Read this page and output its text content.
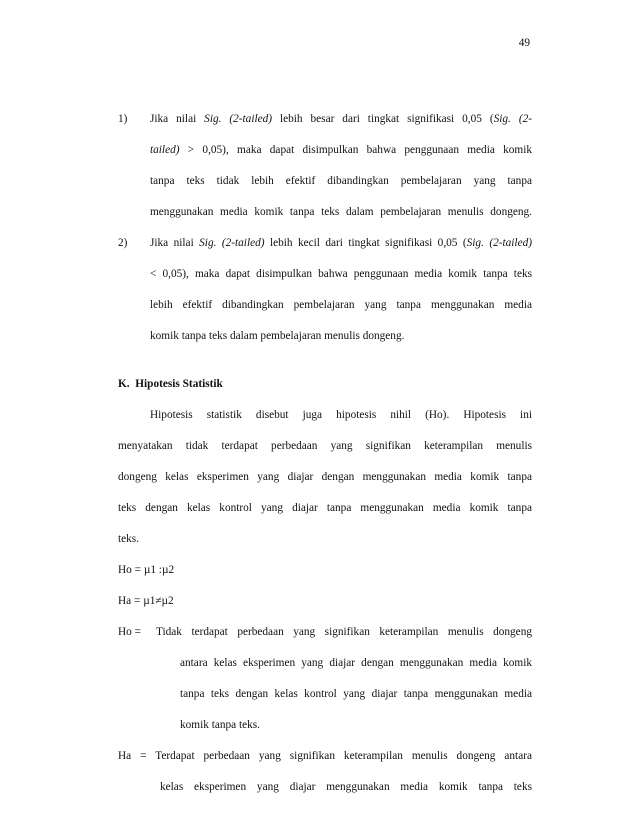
49
1) Jika nilai Sig. (2-tailed) lebih besar dari tingkat signifikasi 0,05 (Sig. (2-
tailed) > 0,05), maka dapat disimpulkan bahwa penggunaan media komik
tanpa teks tidak lebih efektif dibandingkan pembelajaran yang tanpa
menggunakan media komik tanpa teks dalam pembelajaran menulis dongeng.
2) Jika nilai Sig. (2-tailed) lebih kecil dari tingkat signifikasi 0,05 (Sig. (2-tailed)
< 0,05), maka dapat disimpulkan bahwa penggunaan media komik tanpa teks
lebih efektif dibandingkan pembelajaran yang tanpa menggunakan media
komik tanpa teks dalam pembelajaran menulis dongeng.
K.  Hipotesis Statistik
Hipotesis statistik disebut juga hipotesis nihil (Ho). Hipotesis ini
menyatakan tidak terdapat perbedaan yang signifikan keterampilan menulis
dongeng kelas eksperimen yang diajar dengan menggunakan media komik tanpa
teks dengan kelas kontrol yang diajar tanpa menggunakan media komik tanpa
teks.
Ho = µ1 :µ2
Ha = µ1≠µ2
Ho = Tidak terdapat perbedaan yang signifikan keterampilan menulis dongeng
antara kelas eksperimen yang diajar dengan menggunakan media komik
tanpa teks dengan kelas kontrol yang diajar tanpa menggunakan media
komik tanpa teks.
Ha = Terdapat perbedaan yang signifikan keterampilan menulis dongeng antara
kelas eksperimen yang diajar menggunakan media komik tanpa teks
